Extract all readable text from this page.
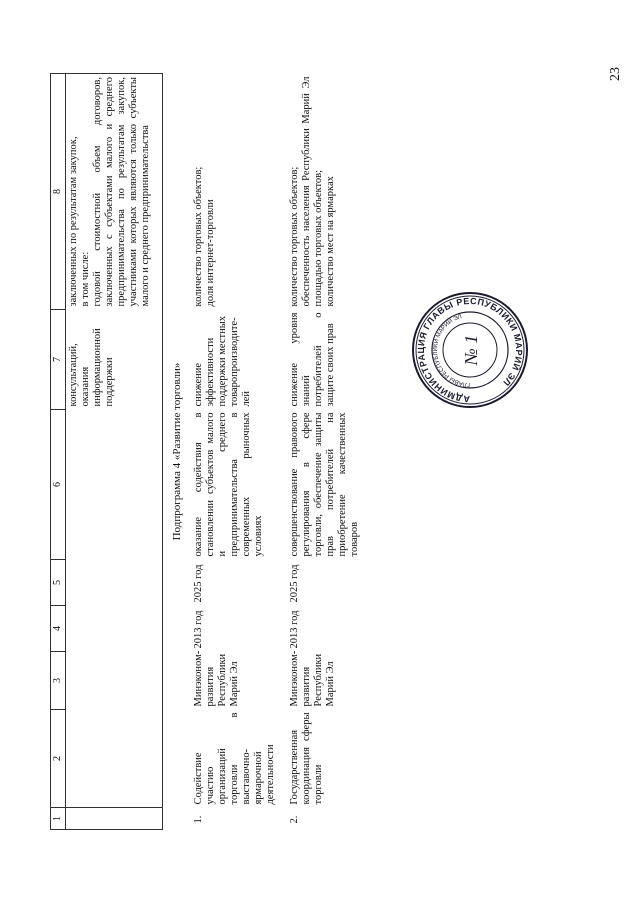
23
1	2	3	4	5	6	7	8
						консультаций, оказания информационной поддержки	заключенных по результатам закупок, в том числе: годовой стоимостной объем договоров, заключенных с субъектами малого и среднего предпринимательства по результатам закупок, участниками которых являются только субъекты малого и среднего предпринимательства

Подпрограмма 4 «Развитие торговли»							
1.	Содействие участию организаций торговли в выставочно-ярмарочной деятельности	Минэконом-развития Республики Марий Эл	2013 год	2025 год	оказание содействия в становлении субъектов малого и среднего предпринимательства в современных рыночных условиях	снижение эффективности поддержки местных товаропроизводите-лей	количество торговых объектов; доля интернет-торговли

2.	Государственная координация сферы торговли	Минэконом-развития Республики Марий Эл	2013 год	2025 год	совершенствование правового регулирования в сфере торговли, обеспечение защиты прав потребителей на приобретение качественных товаров	снижение уровня знаний потребителей о защите своих прав	количество торговых объектов; обеспеченность населения Республики Марий Эл площадью торговых объектов; количество мест на ярмарках
АДМИНИСТРАЦИЯ ГЛАВЫ РЕСПУБЛИКИ МАРИЙ ЭЛ
ГЛАВЫ РЕСПУБЛИКИ МАРИЙ ЭЛ
№ 1
